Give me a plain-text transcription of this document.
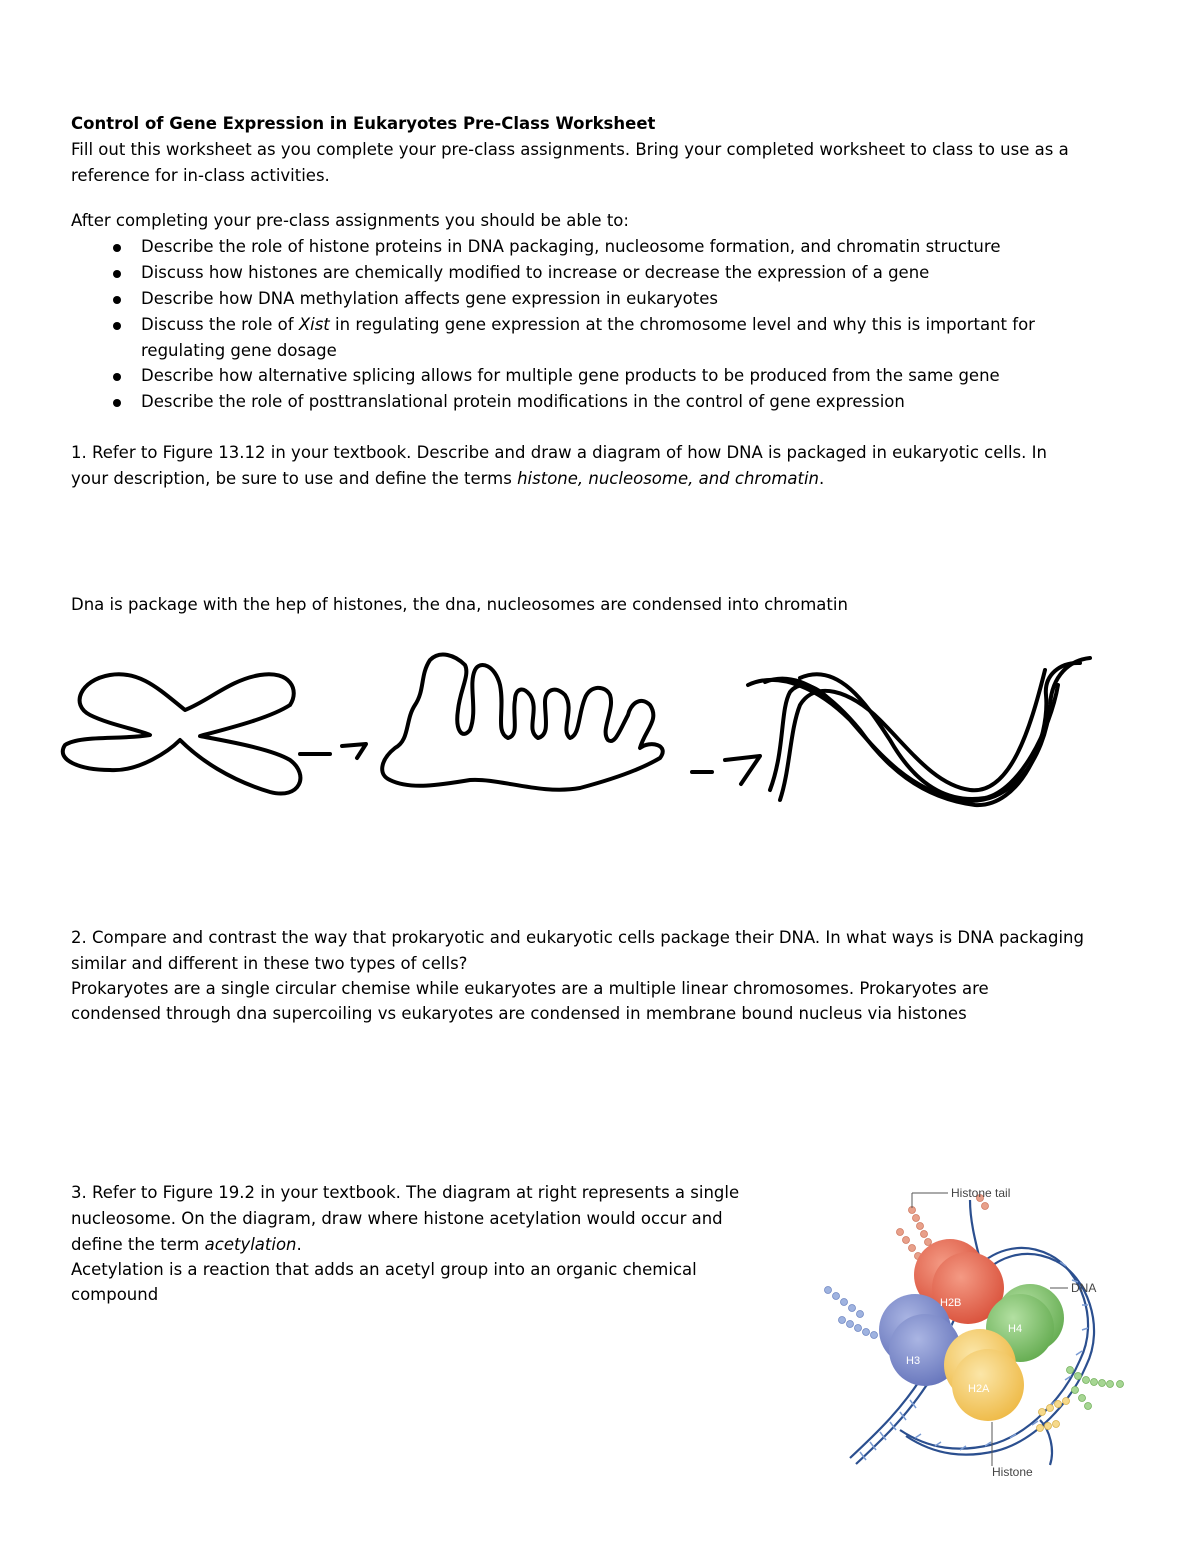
Control of Gene Expression in Eukaryotes Pre-Class Worksheet
Fill out this worksheet as you complete your pre-class assignments. Bring your completed worksheet to class to use as a
reference for in-class activities.
After completing your pre-class assignments you should be able to:
Describe the role of histone proteins in DNA packaging, nucleosome formation, and chromatin structure
Discuss how histones are chemically modified to increase or decrease the expression of a gene
Describe how DNA methylation affects gene expression in eukaryotes
Discuss the role of Xist in regulating gene expression at the chromosome level and why this is important for
regulating gene dosage
Describe how alternative splicing allows for multiple gene products to be produced from the same gene
Describe the role of posttranslational protein modifications in the control of gene expression
1. Refer to Figure 13.12 in your textbook. Describe and draw a diagram of how DNA is packaged in eukaryotic cells. In
your description, be sure to use and define the terms histone, nucleosome, and chromatin.
Dna is package with the hep of histones, the dna, nucleosomes are condensed into chromatin
2. Compare and contrast the way that prokaryotic and eukaryotic cells package their DNA. In what ways is DNA packaging
similar and different in these two types of cells?
Prokaryotes are a single circular chemise while eukaryotes are a multiple linear chromosomes. Prokaryotes are
condensed through dna supercoiling vs eukaryotes are condensed in membrane bound nucleus via histones
3. Refer to Figure 19.2 in your textbook. The diagram at right represents a single
nucleosome. On the diagram, draw where histone acetylation would occur and
define the term acetylation.
Acetylation is a reaction that adds an acetyl group into an organic chemical
compound	H2B
H4
H3
H2A
Histone tail
DNA
Histone
